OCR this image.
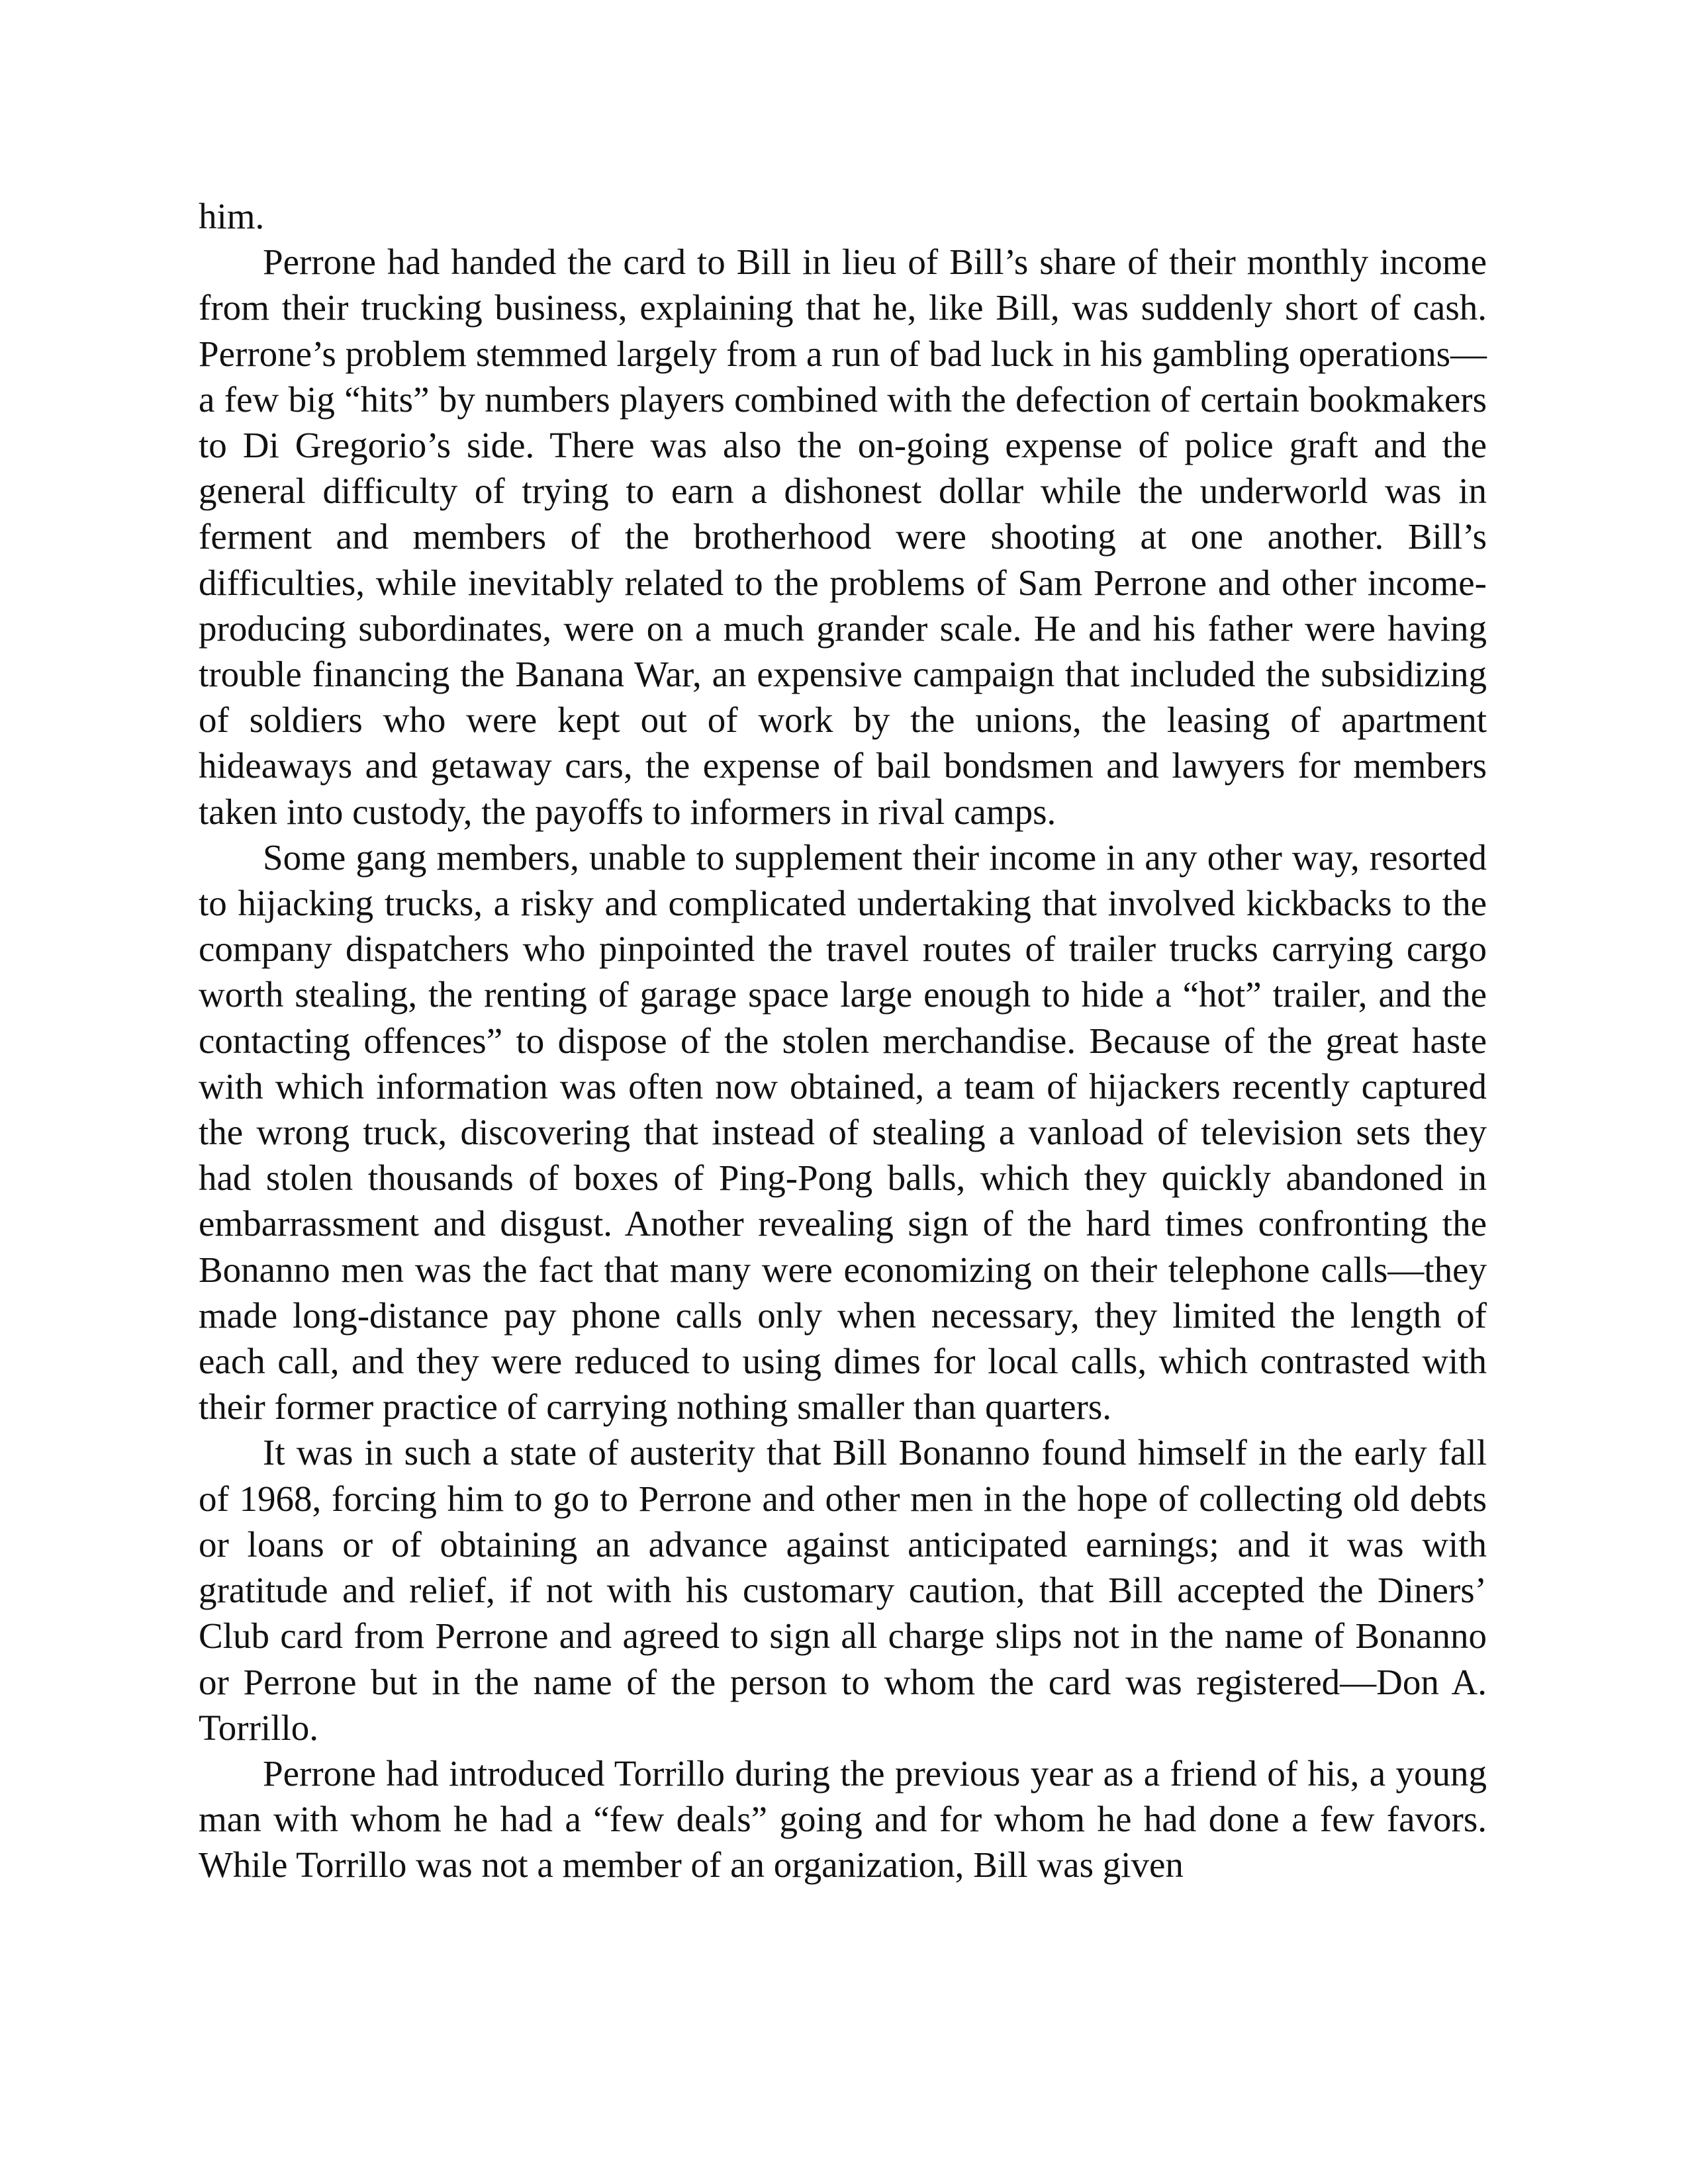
him.

Perrone had handed the card to Bill in lieu of Bill’s share of their monthly income from their trucking business, explaining that he, like Bill, was suddenly short of cash. Perrone’s problem stemmed largely from a run of bad luck in his gambling operations—a few big “hits” by numbers players combined with the defection of certain bookmakers to Di Gregorio’s side. There was also the on-going expense of police graft and the general difficulty of trying to earn a dishonest dollar while the underworld was in ferment and members of the brotherhood were shooting at one another. Bill’s difficulties, while inevitably related to the problems of Sam Perrone and other income-producing subordinates, were on a much grander scale. He and his father were having trouble financing the Banana War, an expensive campaign that included the subsidizing of soldiers who were kept out of work by the unions, the leasing of apartment hideaways and getaway cars, the expense of bail bondsmen and lawyers for members taken into custody, the payoffs to informers in rival camps.

Some gang members, unable to supplement their income in any other way, resorted to hijacking trucks, a risky and complicated undertaking that involved kickbacks to the company dispatchers who pinpointed the travel routes of trailer trucks carrying cargo worth stealing, the renting of garage space large enough to hide a “hot” trailer, and the contacting offences” to dispose of the stolen merchandise. Because of the great haste with which information was often now obtained, a team of hijackers recently captured the wrong truck, discovering that instead of stealing a vanload of television sets they had stolen thousands of boxes of Ping-Pong balls, which they quickly abandoned in embarrassment and disgust. Another revealing sign of the hard times confronting the Bonanno men was the fact that many were economizing on their telephone calls—they made long-distance pay phone calls only when necessary, they limited the length of each call, and they were reduced to using dimes for local calls, which contrasted with their former practice of carrying nothing smaller than quarters.

It was in such a state of austerity that Bill Bonanno found himself in the early fall of 1968, forcing him to go to Perrone and other men in the hope of collecting old debts or loans or of obtaining an advance against anticipated earnings; and it was with gratitude and relief, if not with his customary caution, that Bill accepted the Diners’ Club card from Perrone and agreed to sign all charge slips not in the name of Bonanno or Perrone but in the name of the person to whom the card was registered—Don A. Torrillo.

Perrone had introduced Torrillo during the previous year as a friend of his, a young man with whom he had a “few deals” going and for whom he had done a few favors. While Torrillo was not a member of an organization, Bill was given
